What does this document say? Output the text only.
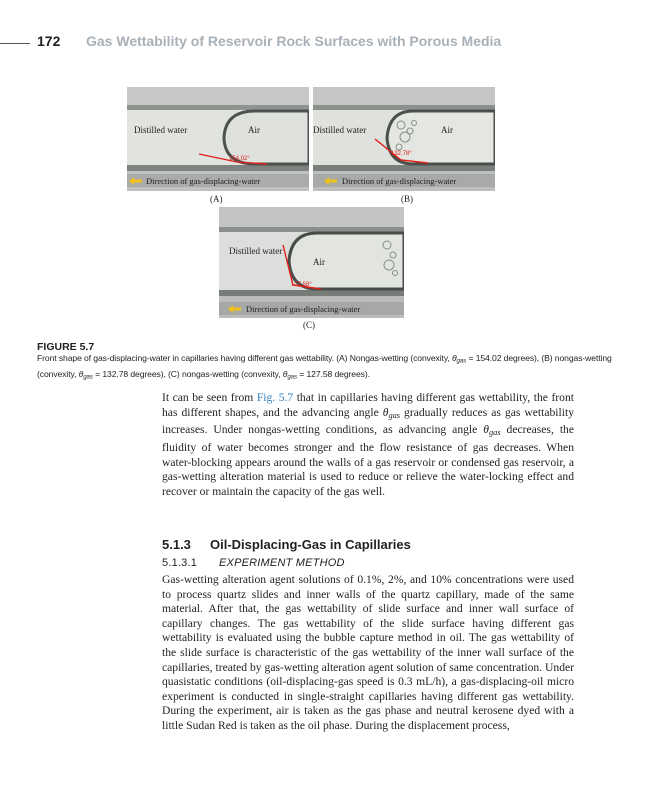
172 Gas Wettability of Reservoir Rock Surfaces with Porous Media
154.02°
Distilled water	Air
Direction of gas-displacing-water
(A)
132.78°
Distilled water	Air
Direction of gas-displacing-water
(B)
127.58°
Distilled water
Air
Direction of gas-displacing-water
(C)
FIGURE 5.7
Front shape of gas-displacing-water in capillaries having different gas wettability. (A) Nongas-wetting (convexity, θgas = 154.02 degrees), (B) nongas-wetting (convexity, θgas = 132.78 degrees), (C) nongas-wetting (convexity, θgas = 127.58 degrees).
It can be seen from Fig. 5.7 that in capillaries having different gas wettability, the front has different shapes, and the advancing angle θgas gradually reduces as gas wettability increases. Under nongas-wetting conditions, as advancing angle θgas decreases, the fluidity of water becomes stronger and the flow resistance of gas decreases. When water-blocking appears around the walls of a gas reservoir or condensed gas reservoir, a gas-wetting alteration material is used to reduce or relieve the water-locking effect and recover or maintain the capacity of the gas well.
5.1.3 Oil-Displacing-Gas in Capillaries
5.1.3.1 EXPERIMENT METHOD
Gas-wetting alteration agent solutions of 0.1%, 2%, and 10% concentrations were used to process quartz slides and inner walls of the quartz capillary, made of the same material. After that, the gas wettability of slide surface and inner wall surface of capillary changes. The gas wettability of the slide surface having different gas wettability is evaluated using the bubble capture method in oil. The gas wettability of the slide surface is characteristic of the gas wettability of the inner wall surface of the capillaries, treated by gas-wetting alteration agent solution of same concentration. Under quasistatic conditions (oil-displacing-gas speed is 0.3 mL/h), a gas-displacing-oil micro experiment is conducted in single-straight capillaries having different gas wettability. During the experiment, air is taken as the gas phase and neutral kerosene dyed with a little Sudan Red is taken as the oil phase. During the displacement process,
